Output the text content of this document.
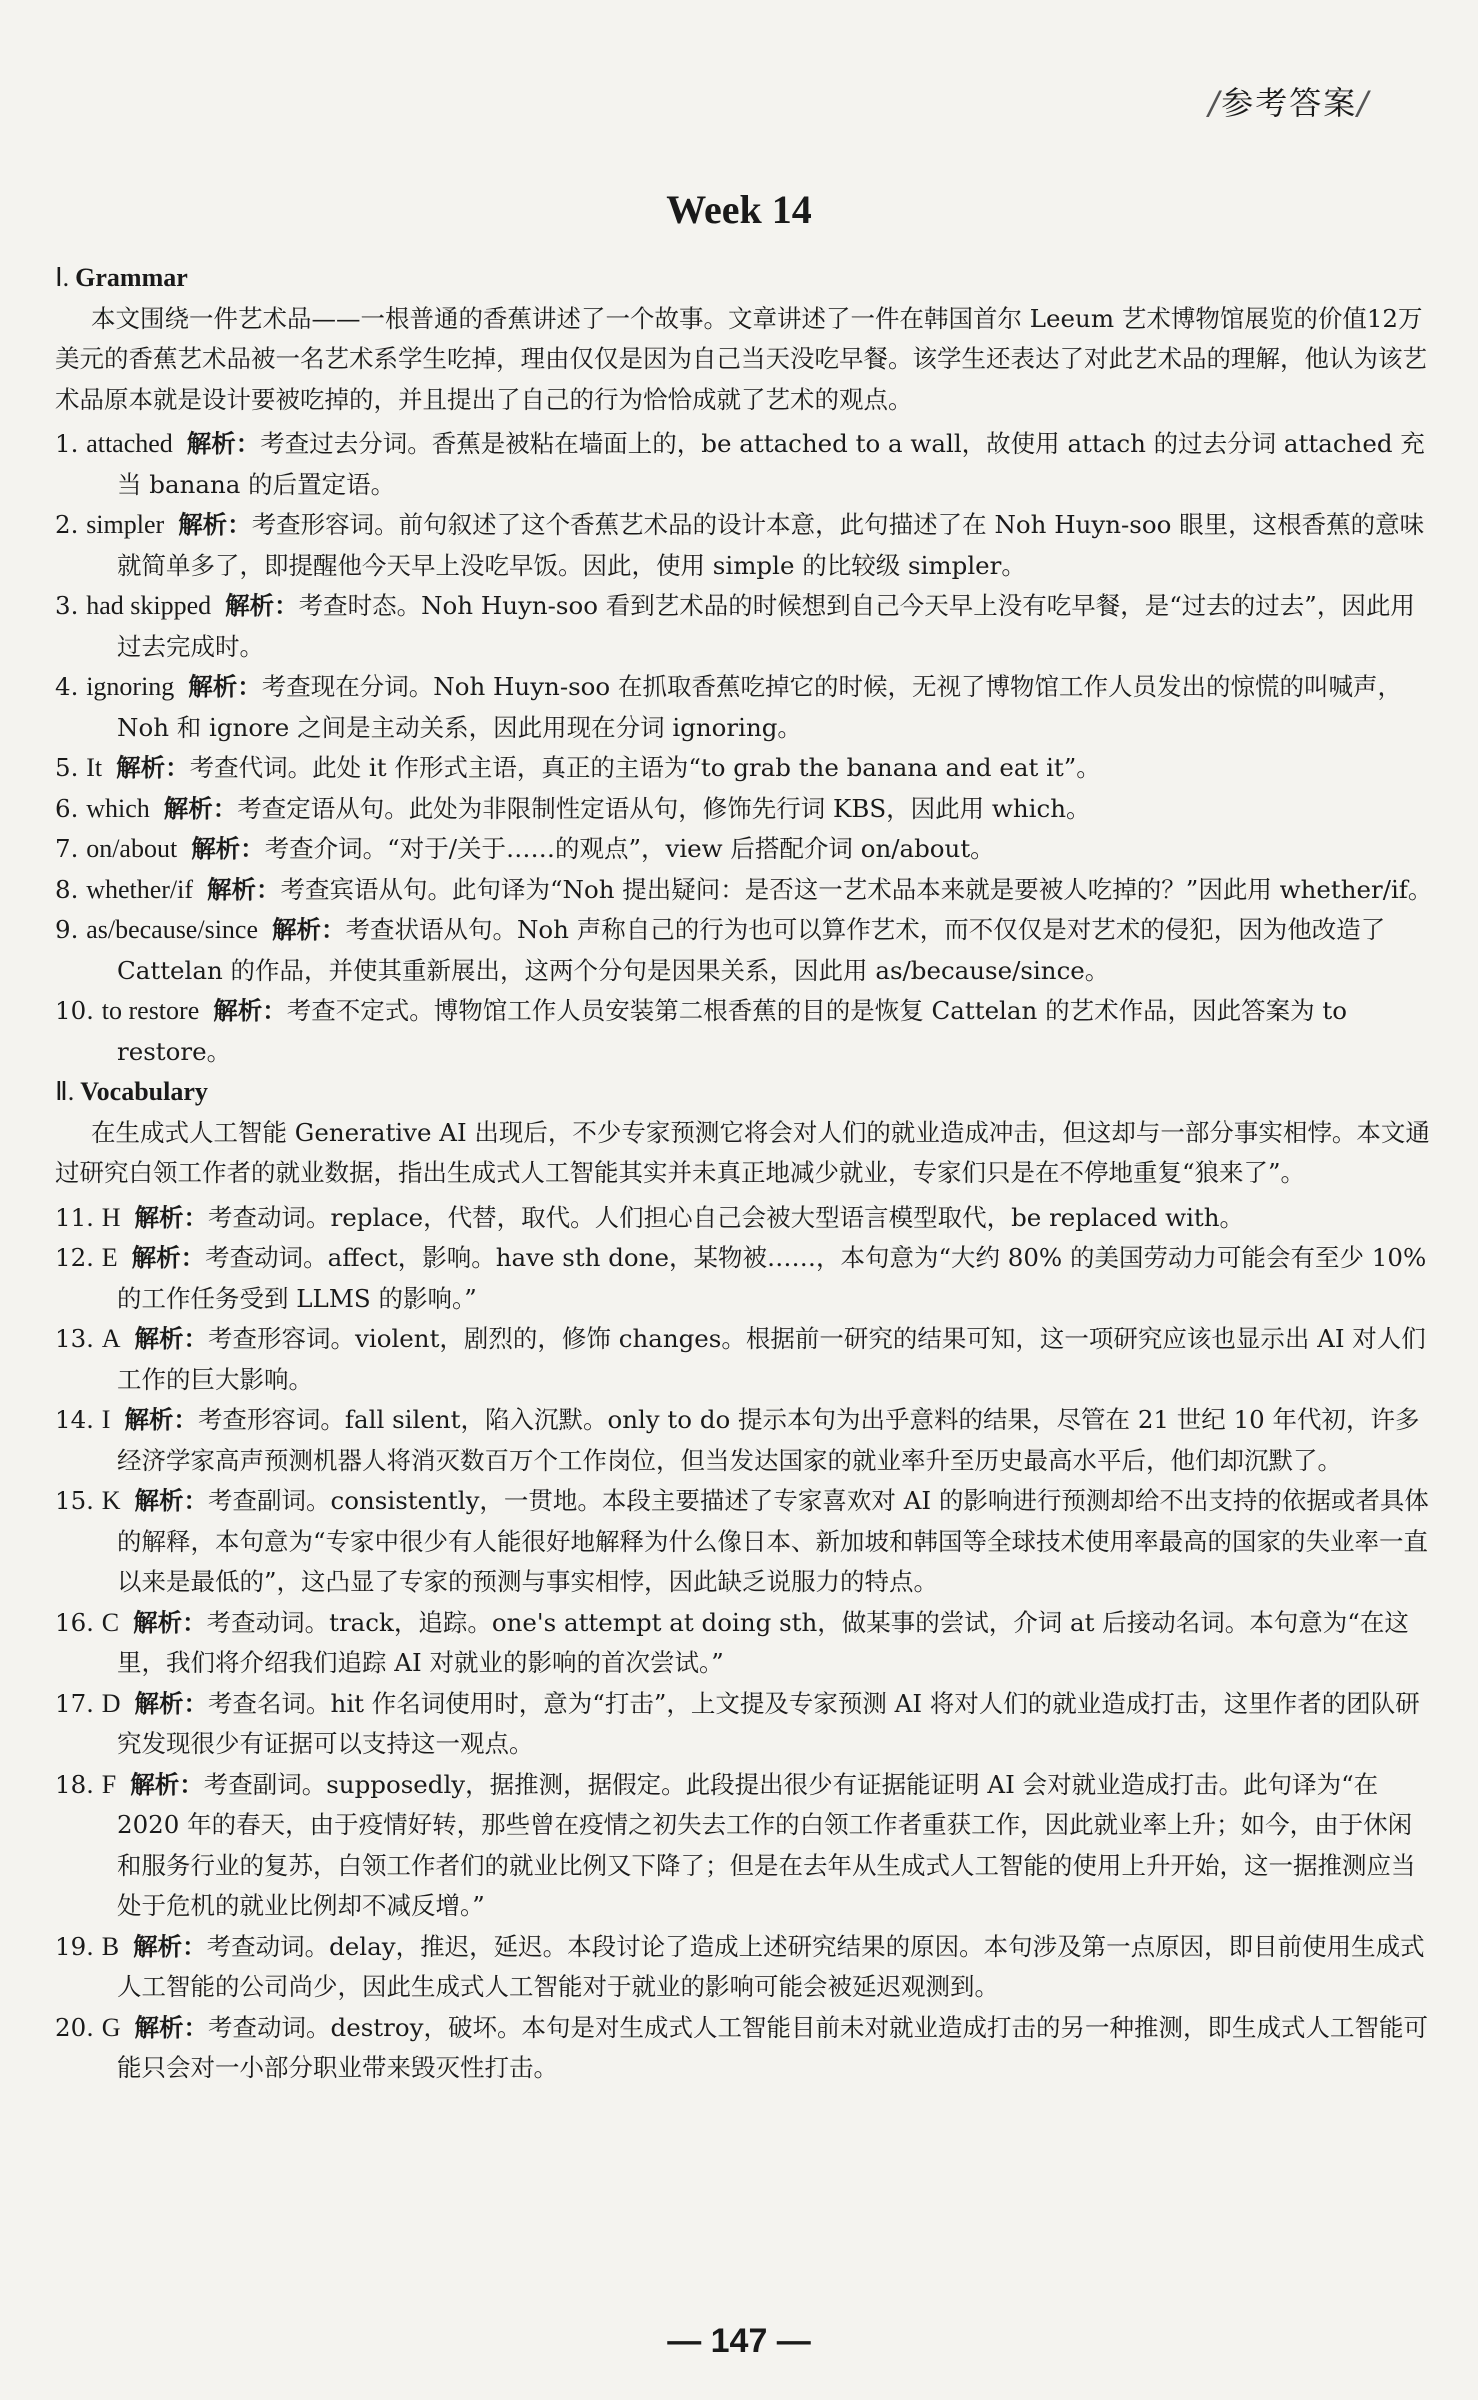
/参考答案/
Week 14
Ⅰ. Grammar

本文围绕一件艺术品——一根普通的香蕉讲述了一个故事。文章讲述了一件在韩国首尔 Leeum 艺术博物馆展览的价值12万美元的香蕉艺术品被一名艺术系学生吃掉，理由仅仅是因为自己当天没吃早餐。该学生还表达了对此艺术品的理解，他认为该艺术品原本就是设计要被吃掉的，并且提出了自己的行为恰恰成就了艺术的观点。

1. attached 解析：考查过去分词。香蕉是被粘在墙面上的，be attached to a wall，故使用 attach 的过去分词 attached 充当 banana 的后置定语。

2. simpler 解析：考查形容词。前句叙述了这个香蕉艺术品的设计本意，此句描述了在 Noh Huyn-soo 眼里，这根香蕉的意味就简单多了，即提醒他今天早上没吃早饭。因此，使用 simple 的比较级 simpler。

3. had skipped 解析：考查时态。Noh Huyn-soo 看到艺术品的时候想到自己今天早上没有吃早餐，是“过去的过去”，因此用过去完成时。

4. ignoring 解析：考查现在分词。Noh Huyn-soo 在抓取香蕉吃掉它的时候，无视了博物馆工作人员发出的惊慌的叫喊声，Noh 和 ignore 之间是主动关系，因此用现在分词 ignoring。

5. It 解析：考查代词。此处 it 作形式主语，真正的主语为“to grab the banana and eat it”。

6. which 解析：考查定语从句。此处为非限制性定语从句，修饰先行词 KBS，因此用 which。

7. on/about 解析：考查介词。“对于/关于……的观点”，view 后搭配介词 on/about。

8. whether/if 解析：考查宾语从句。此句译为“Noh 提出疑问：是否这一艺术品本来就是要被人吃掉的？”因此用 whether/if。

9. as/because/since 解析：考查状语从句。Noh 声称自己的行为也可以算作艺术，而不仅仅是对艺术的侵犯，因为他改造了 Cattelan 的作品，并使其重新展出，这两个分句是因果关系，因此用 as/because/since。

10. to restore 解析：考查不定式。博物馆工作人员安装第二根香蕉的目的是恢复 Cattelan 的艺术作品，因此答案为 to restore。

Ⅱ. Vocabulary

在生成式人工智能 Generative AI 出现后，不少专家预测它将会对人们的就业造成冲击，但这却与一部分事实相悖。本文通过研究白领工作者的就业数据，指出生成式人工智能其实并未真正地减少就业，专家们只是在不停地重复“狼来了”。

11. H 解析：考查动词。replace，代替，取代。人们担心自己会被大型语言模型取代，be replaced with。

12. E 解析：考查动词。affect，影响。have sth done，某物被……，本句意为“大约 80% 的美国劳动力可能会有至少 10% 的工作任务受到 LLMS 的影响。”

13. A 解析：考查形容词。violent，剧烈的，修饰 changes。根据前一研究的结果可知，这一项研究应该也显示出 AI 对人们工作的巨大影响。

14. I 解析：考查形容词。fall silent，陷入沉默。only to do 提示本句为出乎意料的结果，尽管在 21 世纪 10 年代初，许多经济学家高声预测机器人将消灭数百万个工作岗位，但当发达国家的就业率升至历史最高水平后，他们却沉默了。

15. K 解析：考查副词。consistently，一贯地。本段主要描述了专家喜欢对 AI 的影响进行预测却给不出支持的依据或者具体的解释，本句意为“专家中很少有人能很好地解释为什么像日本、新加坡和韩国等全球技术使用率最高的国家的失业率一直以来是最低的”，这凸显了专家的预测与事实相悖，因此缺乏说服力的特点。

16. C 解析：考查动词。track，追踪。one's attempt at doing sth，做某事的尝试，介词 at 后接动名词。本句意为“在这里，我们将介绍我们追踪 AI 对就业的影响的首次尝试。”

17. D 解析：考查名词。hit 作名词使用时，意为“打击”，上文提及专家预测 AI 将对人们的就业造成打击，这里作者的团队研究发现很少有证据可以支持这一观点。

18. F 解析：考查副词。supposedly，据推测，据假定。此段提出很少有证据能证明 AI 会对就业造成打击。此句译为“在 2020 年的春天，由于疫情好转，那些曾在疫情之初失去工作的白领工作者重获工作，因此就业率上升；如今，由于休闲和服务行业的复苏，白领工作者们的就业比例又下降了；但是在去年从生成式人工智能的使用上升开始，这一据推测应当处于危机的就业比例却不减反增。”

19. B 解析：考查动词。delay，推迟，延迟。本段讨论了造成上述研究结果的原因。本句涉及第一点原因，即目前使用生成式人工智能的公司尚少，因此生成式人工智能对于就业的影响可能会被延迟观测到。

20. G 解析：考查动词。destroy，破坏。本句是对生成式人工智能目前未对就业造成打击的另一种推测，即生成式人工智能可能只会对一小部分职业带来毁灭性打击。

— 147 —
